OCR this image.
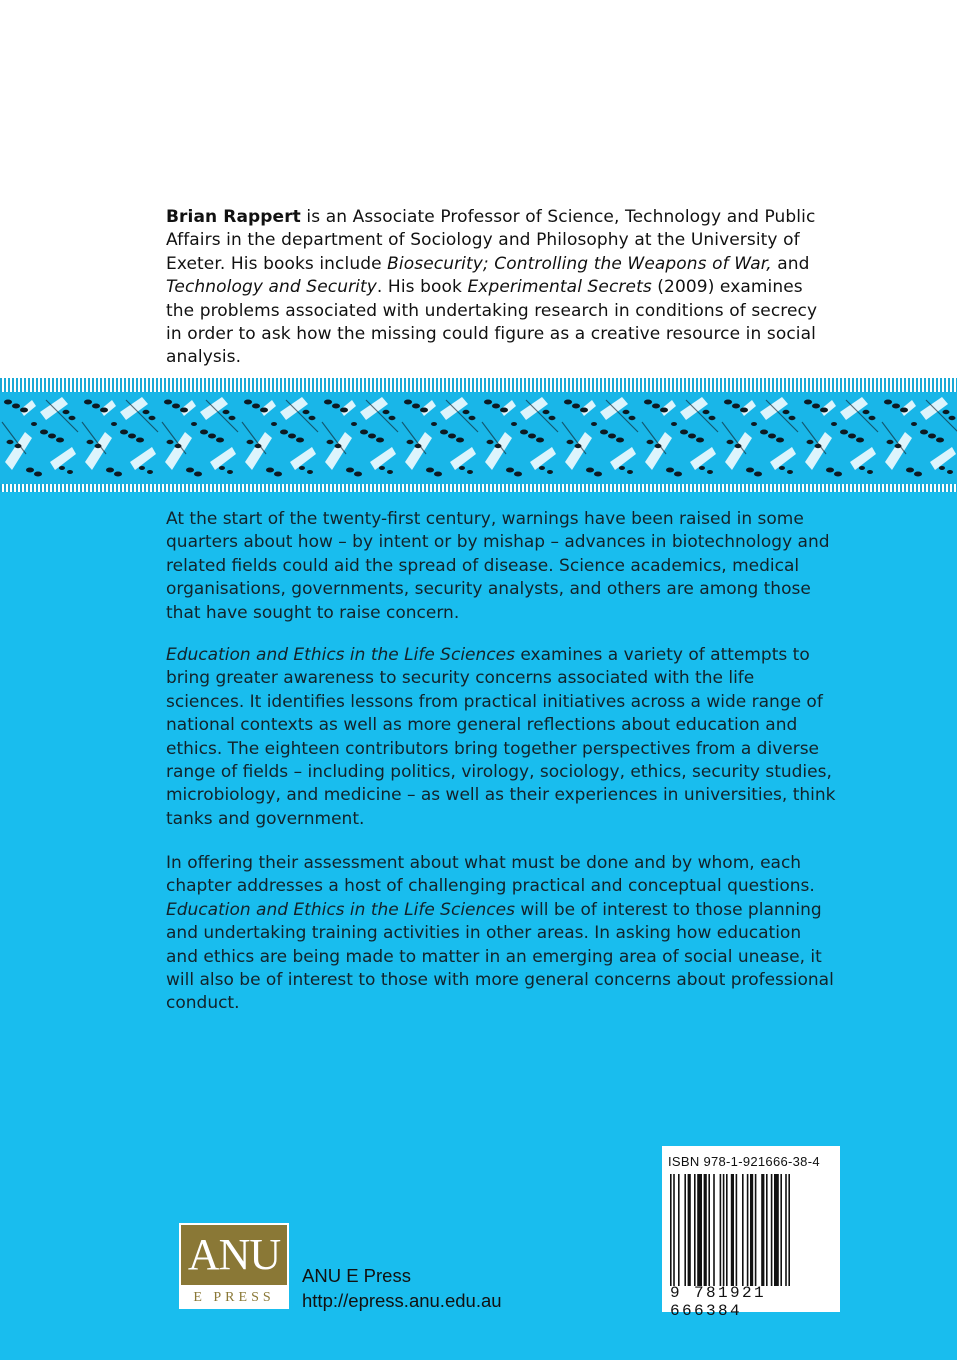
Brian Rappert is an Associate Professor of Science, Technology and Public Affairs in the department of Sociology and Philosophy at the University of Exeter. His books include Biosecurity; Controlling the Weapons of War, and Technology and Security. His book Experimental Secrets (2009) examines the problems associated with undertaking research in conditions of secrecy in order to ask how the missing could figure as a creative resource in social analysis.

At the start of the twenty-first century, warnings have been raised in some quarters about how – by intent or by mishap – advances in biotechnology and related fields could aid the spread of disease. Science academics, medical organisations, governments, security analysts, and others are among those that have sought to raise concern.

Education and Ethics in the Life Sciences examines a variety of attempts to bring greater awareness to security concerns associated with the life sciences. It identifies lessons from practical initiatives across a wide range of national contexts as well as more general reflections about education and ethics. The eighteen contributors bring together perspectives from a diverse range of fields – including politics, virology, sociology, ethics, security studies, microbiology, and medicine – as well as their experiences in universities, think tanks and government.

In offering their assessment about what must be done and by whom, each chapter addresses a host of challenging practical and conceptual questions. Education and Ethics in the Life Sciences will be of interest to those planning and undertaking training activities in other areas. In asking how education and ethics are being made to matter in an emerging area of social unease, it will also be of interest to those with more general concerns about professional conduct.

ISBN 978-1-921666-38-4
9 781921 666384
ANU
E PRESS
ANU E Press
http://epress.anu.edu.au
